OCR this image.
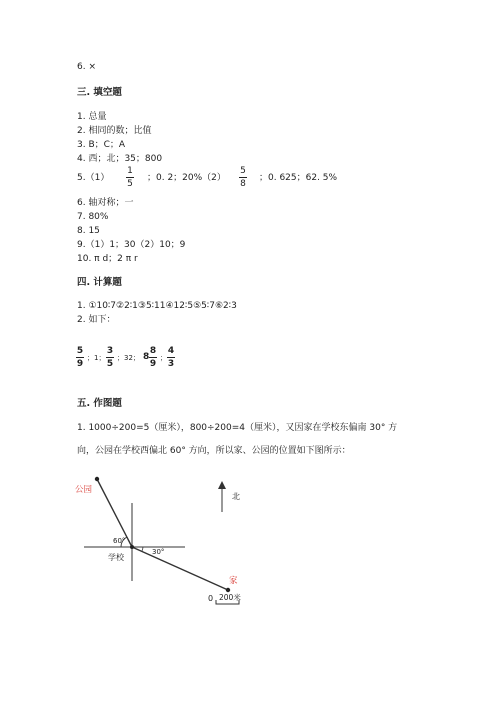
6. ×
三. 填空题
1. 总量
2. 相同的数；比值
3. B；C；A
4. 西；北；35；800
5.（1）
1
5
；0. 2；20%（2）
5
8
；0. 625；62. 5%
6. 轴对称；一
7. 80%
8. 15
9.（1）1；30（2）10；9
10. π d；2 π r
四. 计算题
1. ①10∶7②2∶1③5∶11④12∶5⑤5∶7⑥2∶3
2. 如下：
5
9
；1；
3
5
；32； 8
8
9
；
4
3
五. 作图题
1. 1000÷200=5（厘米），800÷200=4（厘米），又因家在学校东偏南 30° 方
向，公园在学校西偏北 60° 方向，所以家、公园的位置如下图所示：
公园
家
学校
60°
30°
北
0 200米
